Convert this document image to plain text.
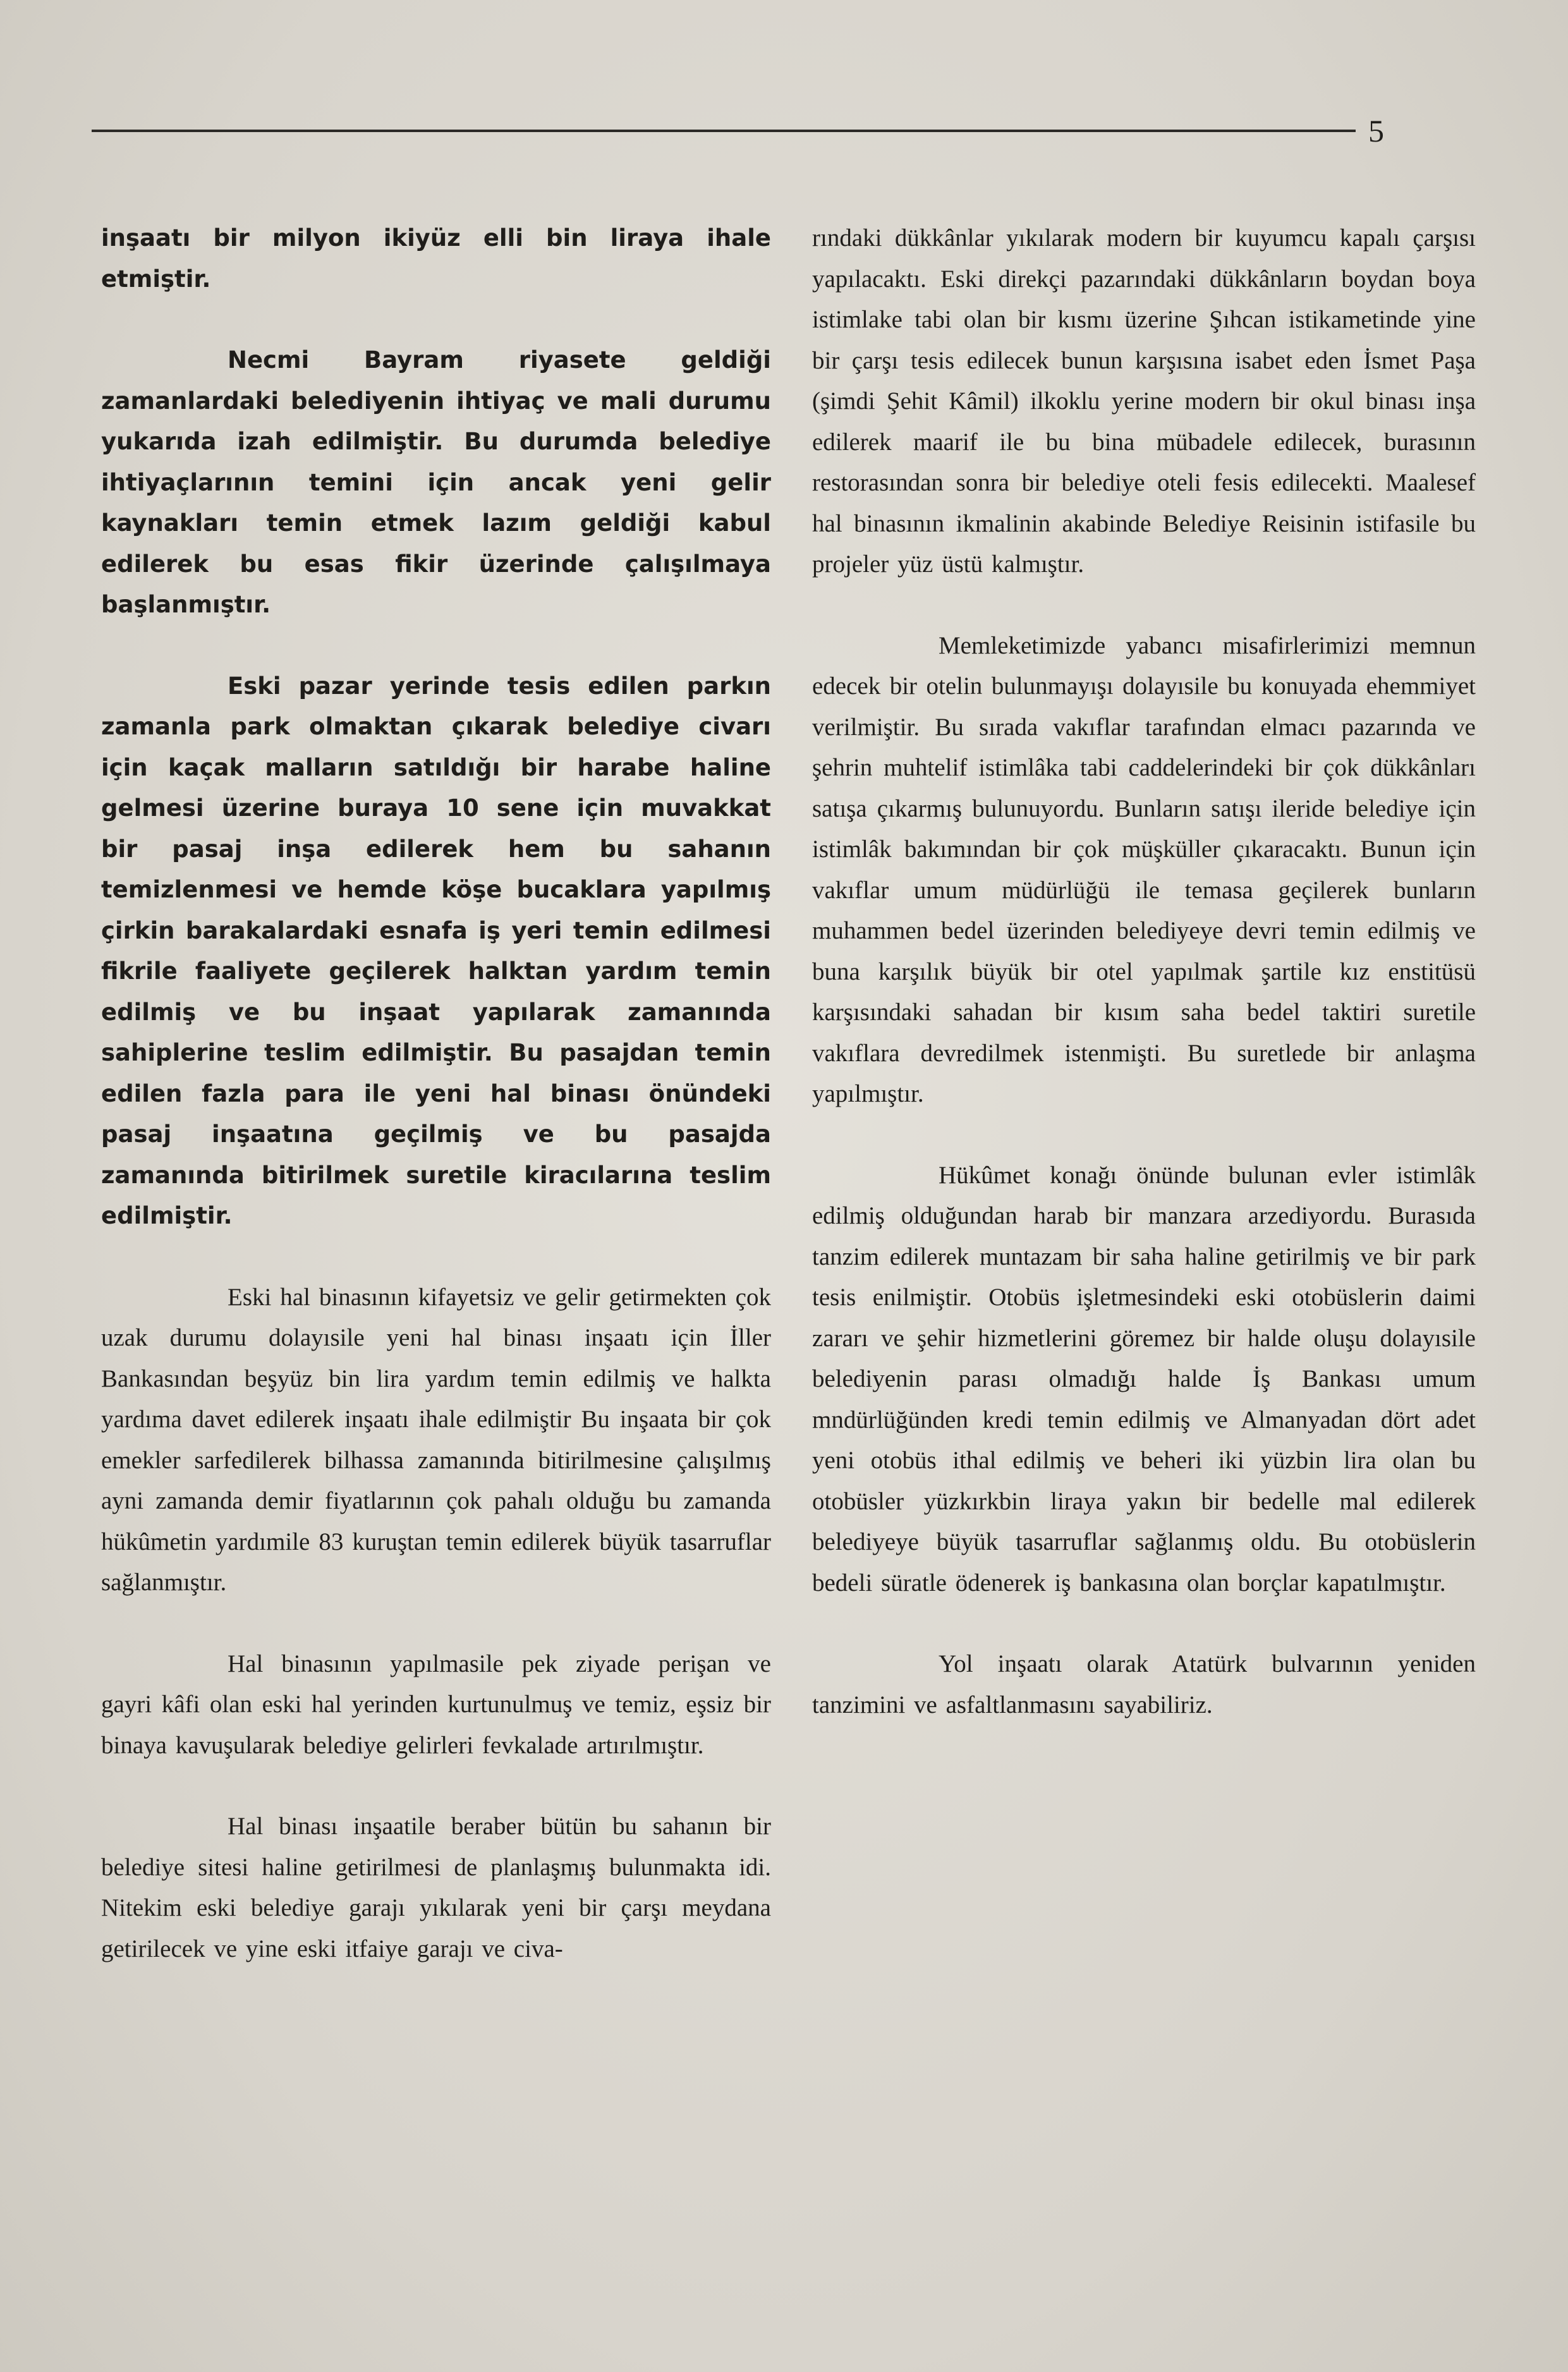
5

inşaatı bir milyon ikiyüz elli bin liraya ihale etmiştir.

Necmi Bayram riyasete geldiği zamanlardaki belediyenin ihtiyaç ve mali durumu yukarıda izah edilmiştir. Bu durumda belediye ihtiyaçlarının temini için ancak yeni gelir kaynakları temin etmek lazım geldiği kabul edilerek bu esas fikir üzerinde çalışılmaya başlanmıştır.

Eski pazar yerinde tesis edilen parkın zamanla park olmaktan çıkarak belediye civarı için kaçak malların satıldığı bir harabe haline gelmesi üzerine buraya 10 sene için muvakkat bir pasaj inşa edilerek hem bu sahanın temizlenmesi ve hemde köşe bucaklara yapılmış çirkin barakalardaki esnafa iş yeri temin edilmesi fikrile faaliyete geçilerek halktan yardım temin edilmiş ve bu inşaat yapılarak zamanında sahiplerine teslim edilmiştir. Bu pasajdan temin edilen fazla para ile yeni hal binası önündeki pasaj inşaatına geçilmiş ve bu pasajda zamanında bitirilmek suretile kiracılarına teslim edilmiştir.

Eski hal binasının kifayetsiz ve gelir getirmekten çok uzak durumu dolayısile yeni hal binası inşaatı için İller Bankasından beşyüz bin lira yardım temin edilmiş ve halkta yardıma davet edilerek inşaatı ihale edilmiştir Bu inşaata bir çok emekler sarfedilerek bilhassa zamanında bitirilmesine çalışılmış ayni zamanda demir fiyatlarının çok pahalı olduğu bu zamanda hükûmetin yardımile 83 kuruştan temin edilerek büyük tasarruflar sağlanmıştır.

Hal binasının yapılmasile pek ziyade perişan ve gayri kâfi olan eski hal yerinden kurtunulmuş ve temiz, eşsiz bir binaya kavuşularak belediye gelirleri fevkalade artırılmıştır.

Hal binası inşaatile beraber bütün bu sahanın bir belediye sitesi haline getirilmesi de planlaşmış bulunmakta idi. Nitekim eski belediye garajı yıkılarak yeni bir çarşı meydana getirilecek ve yine eski itfaiye garajı ve civa-

rındaki dükkânlar yıkılarak modern bir kuyumcu kapalı çarşısı yapılacaktı. Eski direkçi pazarındaki dükkânların boydan boya istimlake tabi olan bir kısmı üzerine Şıhcan istikametinde yine bir çarşı tesis edilecek bunun karşısına isabet eden İsmet Paşa (şimdi Şehit Kâmil) ilkoklu yerine modern bir okul binası inşa edilerek maarif ile bu bina mübadele edilecek, burasının restorasından sonra bir belediye oteli fesis edilecekti. Maalesef hal binasının ikmalinin akabinde Belediye Reisinin istifasile bu projeler yüz üstü kalmıştır.

Memleketimizde yabancı misafirlerimizi memnun edecek bir otelin bulunmayışı dolayısile bu konuyada ehemmiyet verilmiştir. Bu sırada vakıflar tarafından elmacı pazarında ve şehrin muhtelif istimlâka tabi caddelerindeki bir çok dükkânları satışa çıkarmış bulunuyordu. Bunların satışı ileride belediye için istimlâk bakımından bir çok müşküller çıkaracaktı. Bunun için vakıflar umum müdürlüğü ile temasa geçilerek bunların muhammen bedel üzerinden belediyeye devri temin edilmiş ve buna karşılık büyük bir otel yapılmak şartile kız enstitüsü karşısındaki sahadan bir kısım saha bedel taktiri suretile vakıflara devredilmek istenmişti. Bu suretlede bir anlaşma yapılmıştır.

Hükûmet konağı önünde bulunan evler istimlâk edilmiş olduğundan harab bir manzara arzediyordu. Burasıda tanzim edilerek muntazam bir saha haline getirilmiş ve bir park tesis enilmiştir. Otobüs işletmesindeki eski otobüslerin daimi zararı ve şehir hizmetlerini göremez bir halde oluşu dolayısile belediyenin parası olmadığı halde İş Bankası umum mndürlüğünden kredi temin edilmiş ve Almanyadan dört adet yeni otobüs ithal edilmiş ve beheri iki yüzbin lira olan bu otobüsler yüzkırkbin liraya yakın bir bedelle mal edilerek belediyeye büyük tasarruflar sağlanmış oldu. Bu otobüslerin bedeli süratle ödenerek iş bankasına olan borçlar kapatılmıştır.

Yol inşaatı olarak Atatürk bulvarının yeniden tanzimini ve asfaltlanmasını sayabiliriz.
